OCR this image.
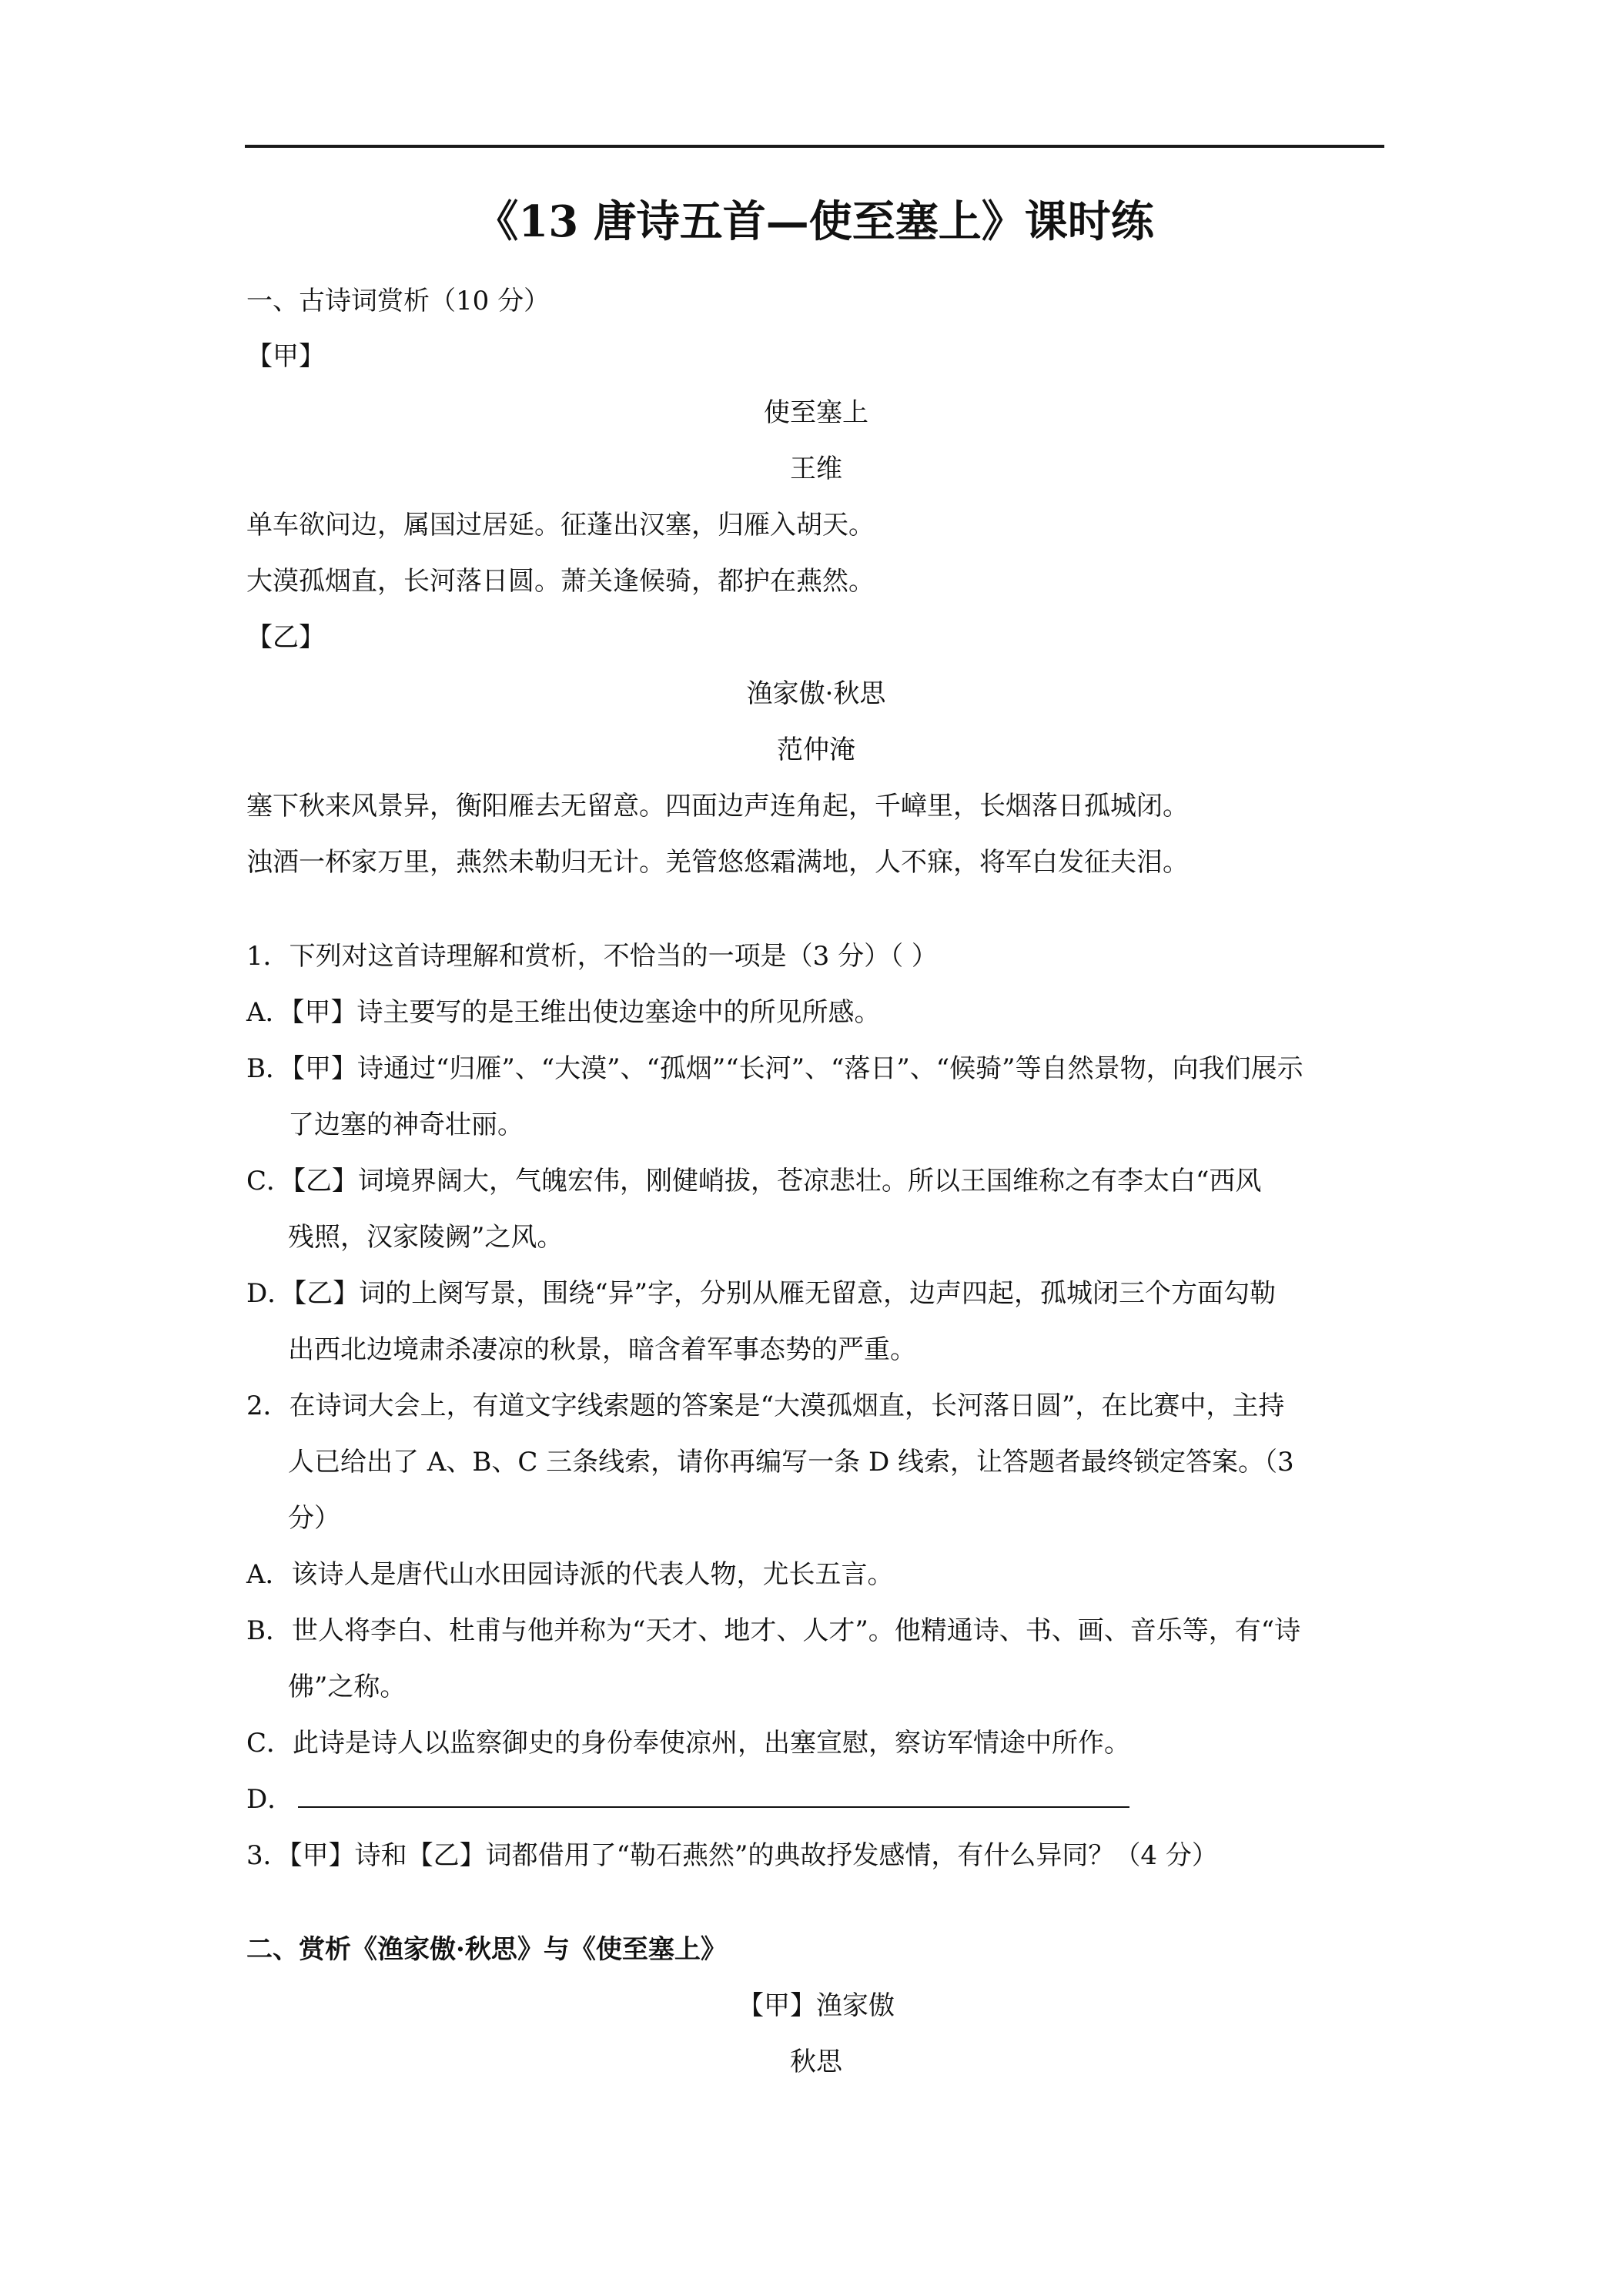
《13 唐诗五首—使至塞上》课时练
一、古诗词赏析（10 分）
【甲】
使至塞上
王维
单车欲问边，属国过居延。征蓬出汉塞，归雁入胡天。
大漠孤烟直，长河落日圆。萧关逢候骑，都护在燕然。
【乙】
渔家傲·秋思
范仲淹
塞下秋来风景异，衡阳雁去无留意。四面边声连角起，千嶂里，长烟落日孤城闭。
浊酒一杯家万里，燕然未勒归无计。羌管悠悠霜满地，人不寐，将军白发征夫泪。
1．下列对这首诗理解和赏析，不恰当的一项是（3 分）（ ）
A．【甲】诗主要写的是王维出使边塞途中的所见所感。
B．【甲】诗通过“归雁”、“大漠”、“孤烟”“长河”、“落日”、“候骑”等自然景物，向我们展示
了边塞的神奇壮丽。
C．【乙】词境界阔大，气魄宏伟，刚健峭拔，苍凉悲壮。所以王国维称之有李太白“西风
残照，汉家陵阙”之风。
D．【乙】词的上阕写景，围绕“异”字，分别从雁无留意，边声四起，孤城闭三个方面勾勒
出西北边境肃杀凄凉的秋景，暗含着军事态势的严重。
2．在诗词大会上，有道文字线索题的答案是“大漠孤烟直，长河落日圆”，在比赛中，主持
人已给出了 A、B、C 三条线索，请你再编写一条 D 线索，让答题者最终锁定答案。（3
分）
A．该诗人是唐代山水田园诗派的代表人物，尤长五言。
B．世人将李白、杜甫与他并称为“天才、地才、人才”。他精通诗、书、画、音乐等，有“诗
佛”之称。
C．此诗是诗人以监察御史的身份奉使凉州，出塞宣慰，察访军情途中所作。
D．
3．【甲】诗和【乙】词都借用了“勒石燕然”的典故抒发感情，有什么异同？（4 分）
二、赏析《渔家傲·秋思》与《使至塞上》
【甲】渔家傲
秋思
